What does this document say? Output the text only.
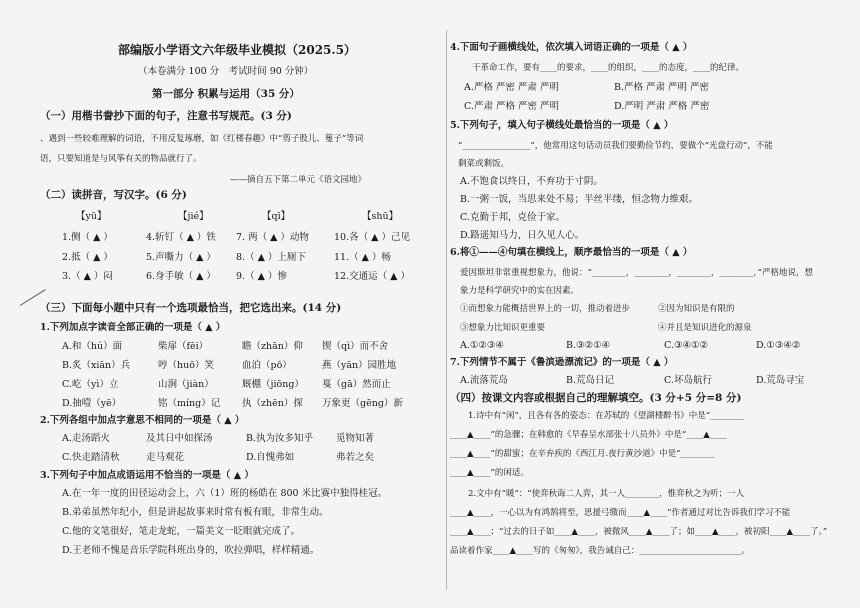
部编版小学语文六年级毕业模拟（2025.5）
（本卷满分 100 分　考试时间 90 分钟）
第一部分 积累与运用（35 分）
（一）用楷书誊抄下面的句子，注意书写规范。(3 分)
、遇到一些较难理解的词语，不用反复琢磨，如《红楼春趣》中“剪子股儿、篗子”等词
语，只要知道是与风筝有关的物品就行了。
——摘自五下第二单元《语文园地》
（二）读拼音，写汉字。(6 分)
【yū】	【jié】	【qī】	【shū】
1.侧（ ▲ ）	4.斩钉（ ▲ ）铁 7. 两（ ▲ ）动物	10.各（ ▲ ）己见
2.抵（ ▲ ）	5.声嘶力（ ▲ ） 8.（ ▲ ）上厕下	11.（ ▲ ）畅
3.（ ▲ ）闷	6.身手敏（ ▲ ） 9.（ ▲ ）惨	12.交通运（ ▲ ）
（三）下面每小题中只有一个选项最恰当，把它选出来。(14 分)
1.下列加点字读音全部正确的一项是（ ▲ ）
A.和（hú）面	柴扉（fēi）	瞻（zhān）仰 锲（qì）而不舍
B.炙（xiān）兵	哼（huō）笑	血泊（pō）	燕（yān）园胜地
C.屹（yì）立	山涧（jiàn）	厩棚（jiōng） 戛（gā）然而止
D.抽噎（yē）	铭（míng）记 执（zhēn）探 万象更（gēng）新
2.下列各组中加点字意思不相同的一项是（ ▲ ）
A.走汤蹈火	及其日中如探汤	B.执为汝多知乎 觅物知著
C.快走踏清秋	走马观花	D.自愧弗如	弗若之矣
3.下列句子中加点成语运用不恰当的一项是（ ▲ ）
A.在一年一度的田径运动会上，六（1）班的杨皓在 800 米比赛中独得桂冠。
B.弟弟虽然年纪小，但是讲起故事来时常有板有眼，非常生动。
C.他的文笔很好，笔走龙蛇，一篇美文一眨眼就完成了。
D.王老师不愧是音乐学院科班出身的，吹拉弹唱，样样精通。
4.下面句子画横线处，依次填入词语正确的一项是（ ▲ ）
干革命工作，要有____的要求，____的组织，____的态度，____的纪律。
A.严格 严密 严肃 严明	B.严格 严肃 严明 严密
C.严肃 严格 严密 严明	D.严明 严肃 严格 严密
5.下列句子，填入句子横线处最恰当的一项是（ ▲ ）
“________________”，他常用这句话动员我们要勤俭节约，要做个“光盘行动”，不能
剩菜或剩饭。
A.不饱食以终日，不弃功于寸阴。
B.一粥一饭，当思来处不易；半丝半缕，恒念物力维艰。
C.克勤于邦，克俭于家。
D.路遥知马力，日久见人心。
6.将①——④句填在横线上，顺序最恰当的一项是（ ▲ ）
爱因斯坦非常重视想象力，他说：“________，________，________，________，”严格地说，想
象力是科学研究中的实在因素。
①而想象力能概括世界上的一切，推动着进步	②因为知识是有限的
③想象力比知识更重要	④并且是知识进化的源泉
A.①②③④	B.③②①④	C.③④①②	D.①③④②
7.下列情节不属于《鲁滨逊漂流记》的一项是（ ▲ ）
A.流落荒岛	B.荒岛日记	C.坏岛航行	D.荒岛寻宝
（四）按课文内容或根据自己的理解填空。(3 分+5 分=8 分)
1.诗中有“闲”，且各有各的姿态：在苏轼的《望湖楼醉书》中是“________
____▲____”的急骤；在韩愈的《早春呈水部张十八员外》中是“____▲____
____▲____”的甜蜜；在辛弃疾的《西江月.夜行黄沙道》中是“________
____▲____”的闲适。
2.文中有“暖”：“使弈秋诲二人弈，其一人________，惟弈秋之为听；一人
____▲____，一心以为有鸿鹄将至，思援弓缴而____▲____”作者通过对比告诉我们学习不能
____▲____；“过去的日子如____▲____，被微风____▲____了；如____▲____，被初阳____▲____了。”
品读着作家____▲____写的《匆匆》，我告诫自己：________________________。
